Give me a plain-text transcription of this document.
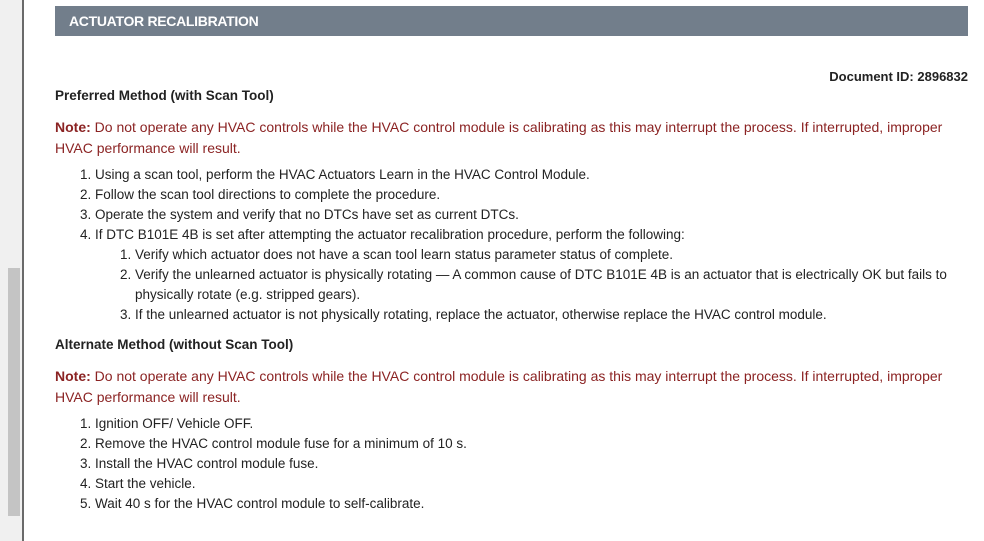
ACTUATOR RECALIBRATION
Document ID: 2896832
Preferred Method (with Scan Tool)
Note: Do not operate any HVAC controls while the HVAC control module is calibrating as this may interrupt the process. If interrupted, improper HVAC performance will result.
1. Using a scan tool, perform the HVAC Actuators Learn in the HVAC Control Module.
2. Follow the scan tool directions to complete the procedure.
3. Operate the system and verify that no DTCs have set as current DTCs.
4. If DTC B101E 4B is set after attempting the actuator recalibration procedure, perform the following:
1. Verify which actuator does not have a scan tool learn status parameter status of complete.
2. Verify the unlearned actuator is physically rotating — A common cause of DTC B101E 4B is an actuator that is electrically OK but fails to physically rotate (e.g. stripped gears).
3. If the unlearned actuator is not physically rotating, replace the actuator, otherwise replace the HVAC control module.
Alternate Method (without Scan Tool)
Note: Do not operate any HVAC controls while the HVAC control module is calibrating as this may interrupt the process. If interrupted, improper HVAC performance will result.
1. Ignition OFF/ Vehicle OFF.
2. Remove the HVAC control module fuse for a minimum of 10 s.
3. Install the HVAC control module fuse.
4. Start the vehicle.
5. Wait 40 s for the HVAC control module to self-calibrate.
